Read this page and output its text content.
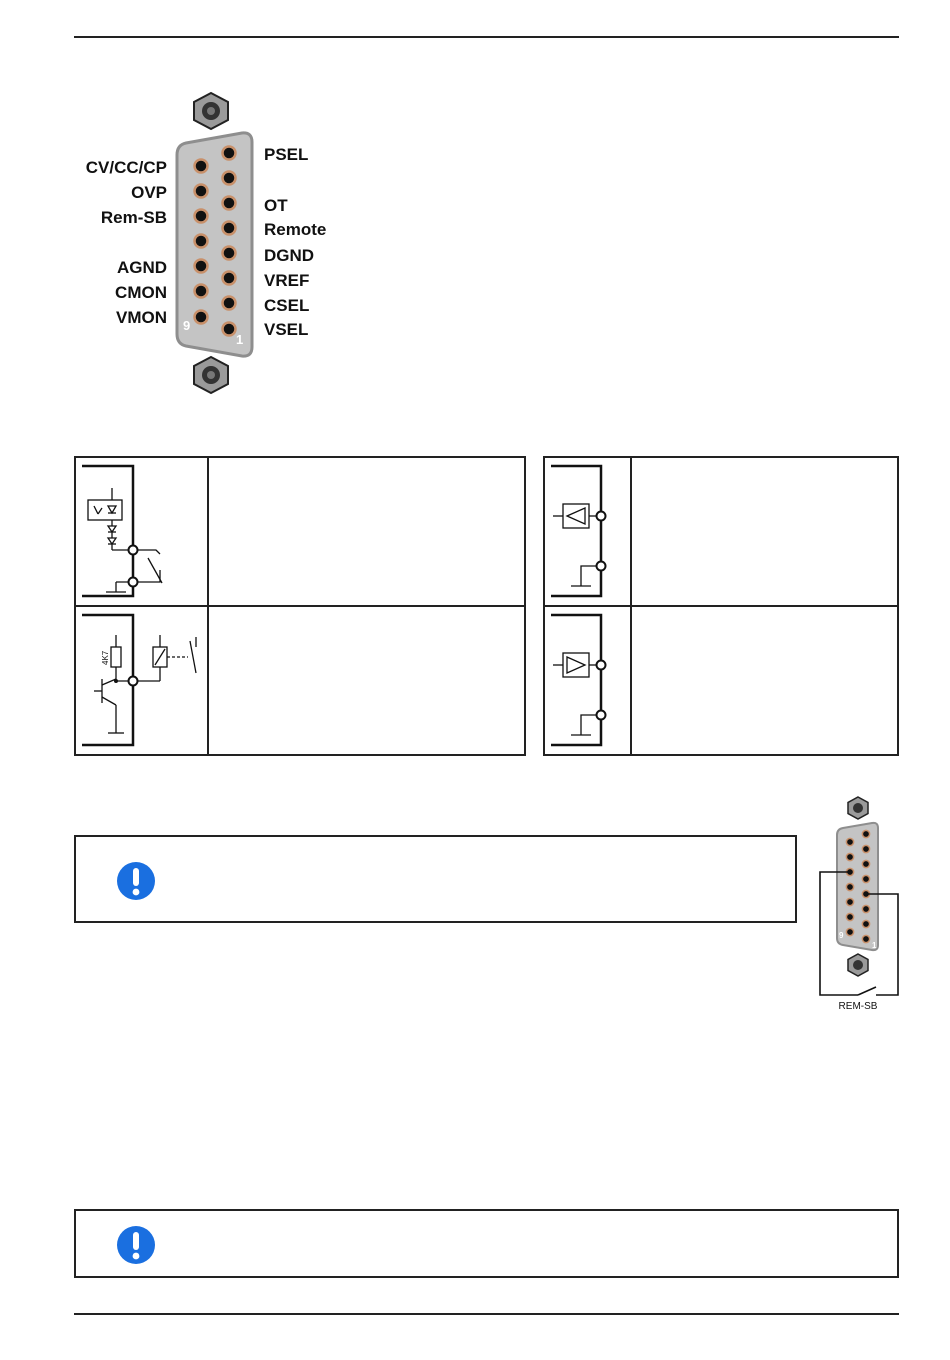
9
1
CV/CC/CP
OVP
Rem-SB
AGND
CMON
VMON
PSEL
OT
Remote
DGND
VREF
CSEL
VSEL
4K7
9
1
REM-SB
